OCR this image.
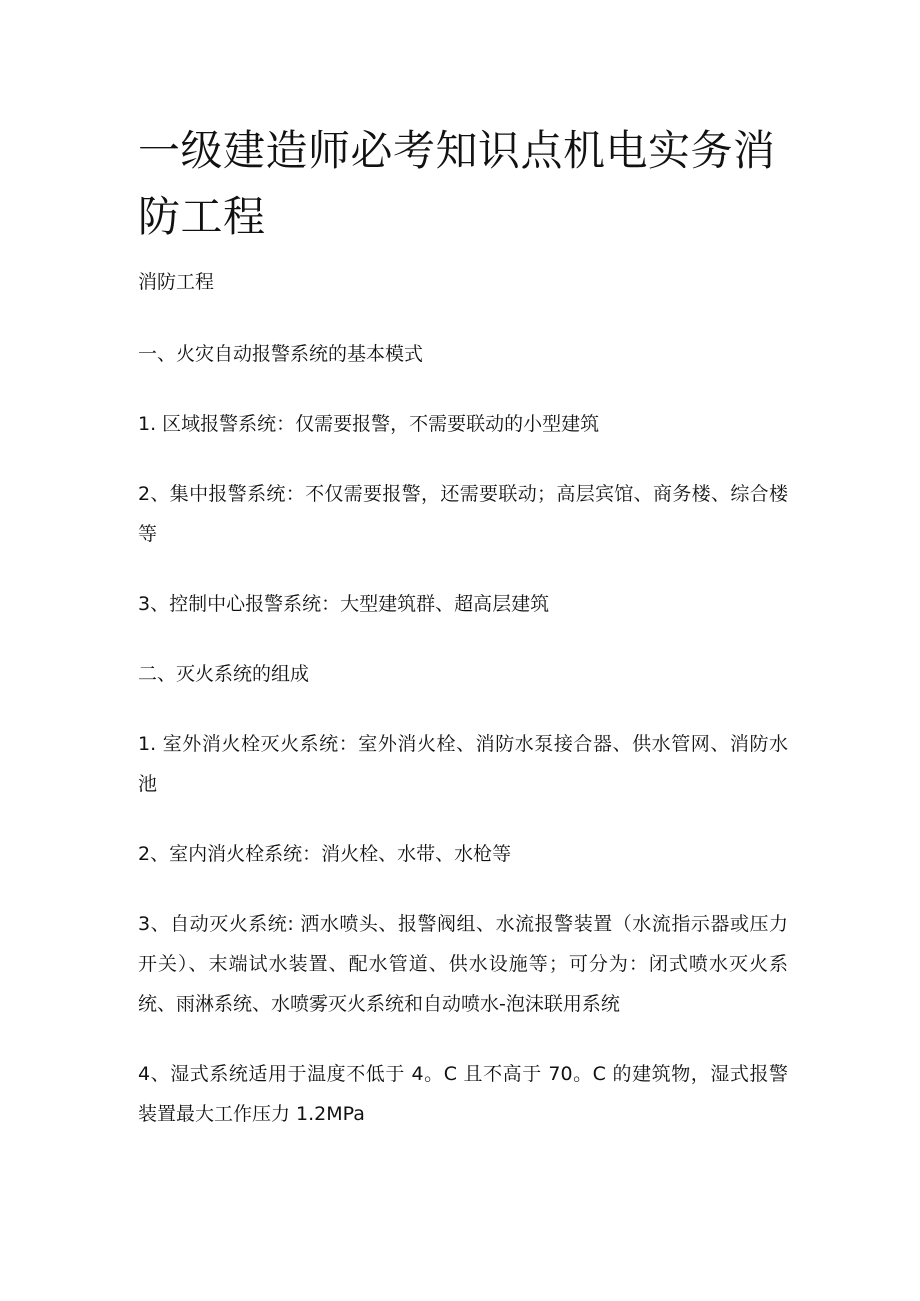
一级建造师必考知识点机电实务消防工程

消防工程

一、火灾自动报警系统的基本模式

1. 区域报警系统：仅需要报警，不需要联动的小型建筑

2、集中报警系统：不仅需要报警，还需要联动；高层宾馆、商务楼、综合楼等

3、控制中心报警系统：大型建筑群、超高层建筑

二、灭火系统的组成

1. 室外消火栓灭火系统：室外消火栓、消防水泵接合器、供水管网、消防水池

2、室内消火栓系统：消火栓、水带、水枪等

3、自动灭火系统: 洒水喷头、报警阀组、水流报警装置（水流指示器或压力开关）、末端试水装置、配水管道、供水设施等；可分为：闭式喷水灭火系统、雨淋系统、水喷雾灭火系统和自动喷水-泡沫联用系统

4、湿式系统适用于温度不低于 4。C 且不高于 70。C 的建筑物，湿式报警装置最大工作压力 1.2MPa
